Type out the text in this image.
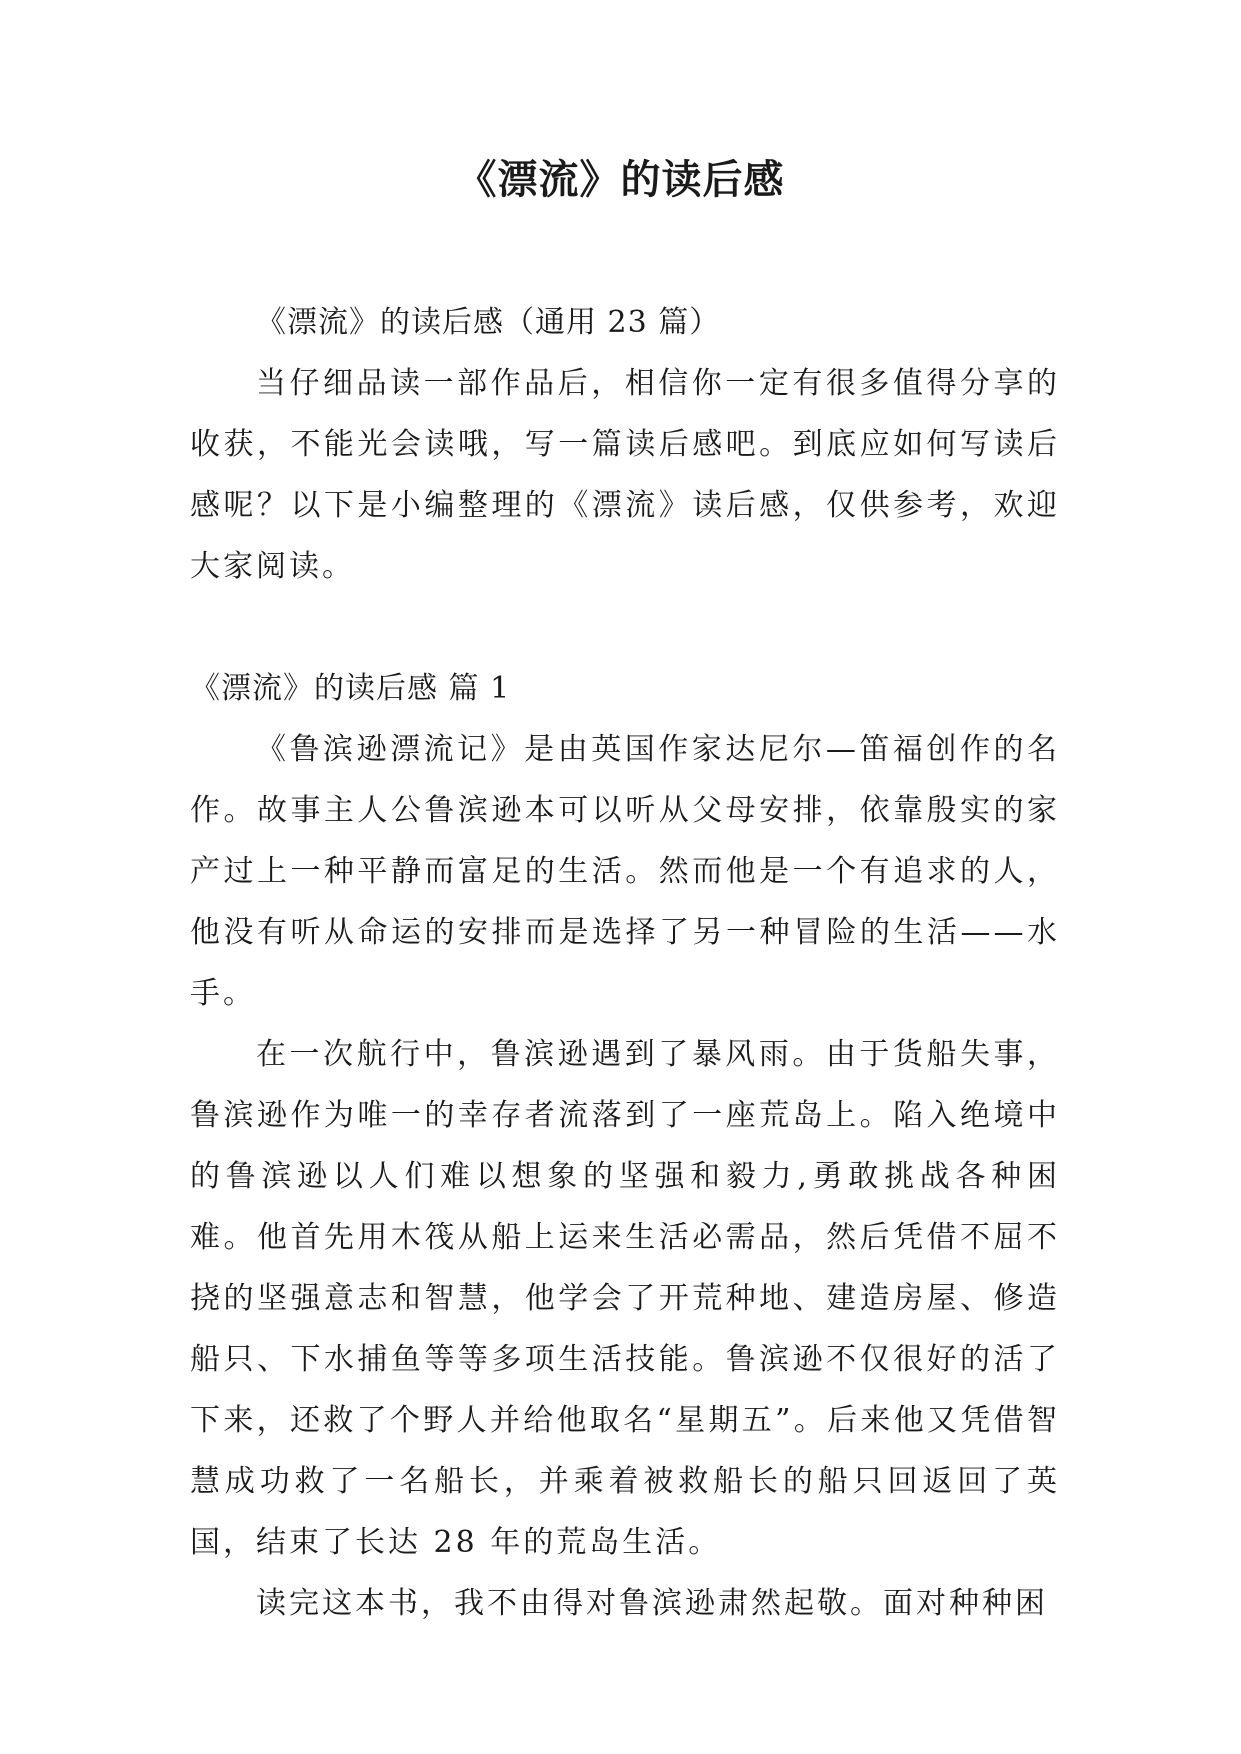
《漂流》的读后感

《漂流》的读后感（通用 23 篇）

当仔细品读一部作品后，相信你一定有很多值得分享的收获，不能光会读哦，写一篇读后感吧。到底应如何写读后感呢？以下是小编整理的《漂流》读后感，仅供参考，欢迎大家阅读。

《漂流》的读后感 篇 1

《鲁滨逊漂流记》是由英国作家达尼尔—笛福创作的名作。故事主人公鲁滨逊本可以听从父母安排，依靠殷实的家产过上一种平静而富足的生活。然而他是一个有追求的人，他没有听从命运的安排而是选择了另一种冒险的生活——水手。

在一次航行中，鲁滨逊遇到了暴风雨。由于货船失事，鲁滨逊作为唯一的幸存者流落到了一座荒岛上。陷入绝境中的鲁滨逊以人们难以想象的坚强和毅力,勇敢挑战各种困难。他首先用木筏从船上运来生活必需品，然后凭借不屈不挠的坚强意志和智慧，他学会了开荒种地、建造房屋、修造船只、下水捕鱼等等多项生活技能。鲁滨逊不仅很好的活了下来，还救了个野人并给他取名“星期五”。后来他又凭借智慧成功救了一名船长，并乘着被救船长的船只回返回了英国，结束了长达 28 年的荒岛生活。

读完这本书，我不由得对鲁滨逊肃然起敬。面对种种困
